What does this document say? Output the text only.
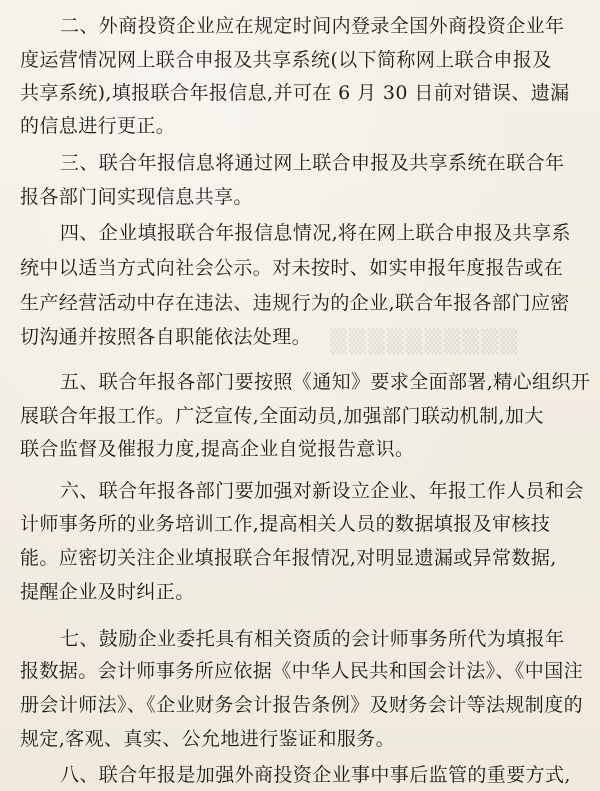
▒▒▒▒▒▒▒▒▒▒
二、外商投资企业应在规定时间内登录全国外商投资企业年
度运营情况网上联合申报及共享系统(以下简称网上联合申报及
共享系统),填报联合年报信息,并可在 6 月 30 日前对错误、遗漏
的信息进行更正。
三、联合年报信息将通过网上联合申报及共享系统在联合年
报各部门间实现信息共享。
四、企业填报联合年报信息情况,将在网上联合申报及共享系
统中以适当方式向社会公示。对未按时、如实申报年度报告或在
生产经营活动中存在违法、违规行为的企业,联合年报各部门应密
切沟通并按照各自职能依法处理。
五、联合年报各部门要按照《通知》要求全面部署,精心组织开
展联合年报工作。广泛宣传,全面动员,加强部门联动机制,加大
联合监督及催报力度,提高企业自觉报告意识。
六、联合年报各部门要加强对新设立企业、年报工作人员和会
计师事务所的业务培训工作,提高相关人员的数据填报及审核技
能。应密切关注企业填报联合年报情况,对明显遗漏或异常数据,
提醒企业及时纠正。
七、鼓励企业委托具有相关资质的会计师事务所代为填报年
报数据。会计师事务所应依据《中华人民共和国会计法》、《中国注
册会计师法》、《企业财务会计报告条例》及财务会计等法规制度的
规定,客观、真实、公允地进行鉴证和服务。
八、联合年报是加强外商投资企业事中事后监管的重要方式,
